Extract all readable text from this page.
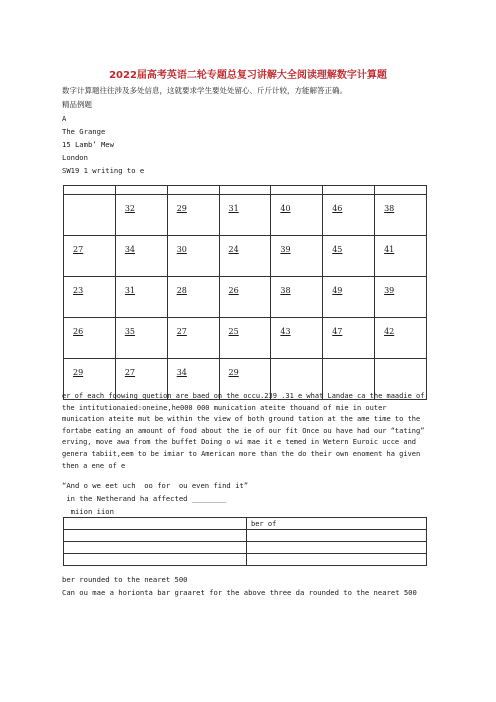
2022届高考英语二轮专题总复习讲解大全阅读理解数字计算题
数字计算题往往涉及多处信息，这就要求学生要处处留心、斤斤计较，方能解答正确。
精品例题
A
The Grange
15 Lamb’ Mew
London
SW19 1 writing to e

	32	29	31	40	46	38
27	34	30	24	39	45	41
23	31	28	26	38	49	39
26	35	27	25	43	47	42
29	27	34	29			
er of each foowing quetion are baed on the occu.239 .31 e what Landae ca the maadie of the intitutionaied:oneine,he000 000 munication ateite thouand of mie in outer munication ateite mut be within the view of both ground tation at the ame time to the fortabe eating an amount of food about the ie of our fit Once ou have had our “tating” erving, move awa from the buffet Doing o wi mae it e temed in Wetern Euroic ucce and genera tabiit,eem to be imiar to American more than the do their own enoment ha given then a ene of e
“And o we eet uch  oo for  ou even find it”
in the Netherand ha affected ________
miion iion
	ber of

ber rounded to the nearet 500
Can ou mae a horionta bar graaret for the above three da rounded to the nearet 500
